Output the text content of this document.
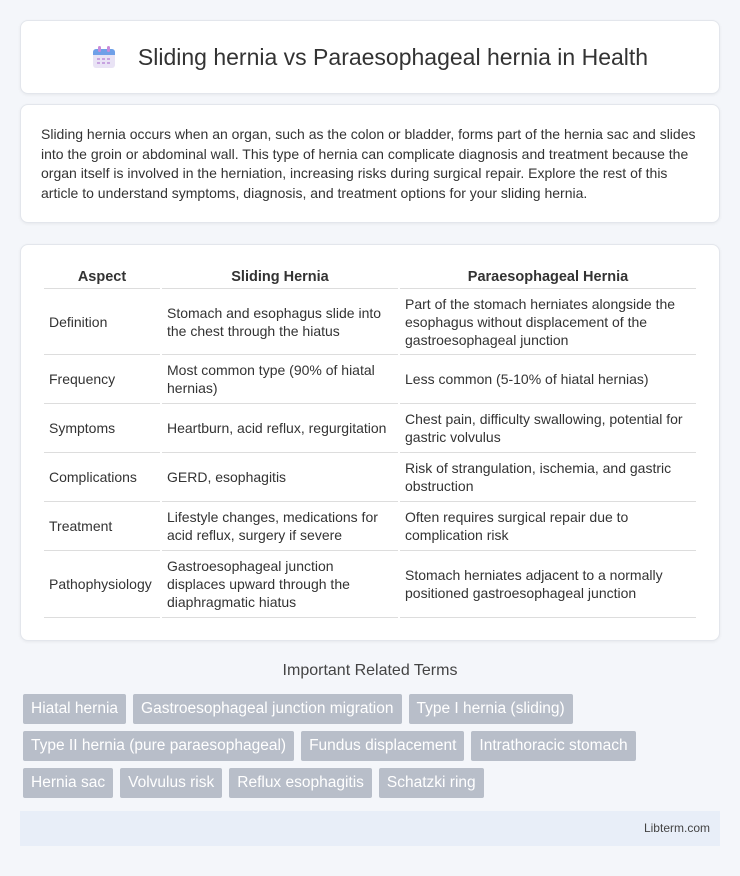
Sliding hernia vs Paraesophageal hernia in Health

Sliding hernia occurs when an organ, such as the colon or bladder, forms part of the hernia sac and slides into the groin or abdominal wall. This type of hernia can complicate diagnosis and treatment because the organ itself is involved in the herniation, increasing risks during surgical repair. Explore the rest of this article to understand symptoms, diagnosis, and treatment options for your sliding hernia.

Aspect	Sliding Hernia	Paraesophageal Hernia
Definition	Stomach and esophagus slide into the chest through the hiatus	Part of the stomach herniates alongside the esophagus without displacement of the gastroesophageal junction
Frequency	Most common type (90% of hiatal hernias)	Less common (5-10% of hiatal hernias)
Symptoms	Heartburn, acid reflux, regurgitation	Chest pain, difficulty swallowing, potential for gastric volvulus
Complications	GERD, esophagitis	Risk of strangulation, ischemia, and gastric obstruction
Treatment	Lifestyle changes, medications for acid reflux, surgery if severe	Often requires surgical repair due to complication risk
Pathophysiology	Gastroesophageal junction displaces upward through the diaphragmatic hiatus	Stomach herniates adjacent to a normally positioned gastroesophageal junction
Important Related Terms
Hiatal hernia	Gastroesophageal junction migration	Type I hernia (sliding)
Type II hernia (pure paraesophageal)	Fundus displacement	Intrathoracic stomach
Hernia sac	Volvulus risk	Reflux esophagitis	Schatzki ring
Libterm.com
